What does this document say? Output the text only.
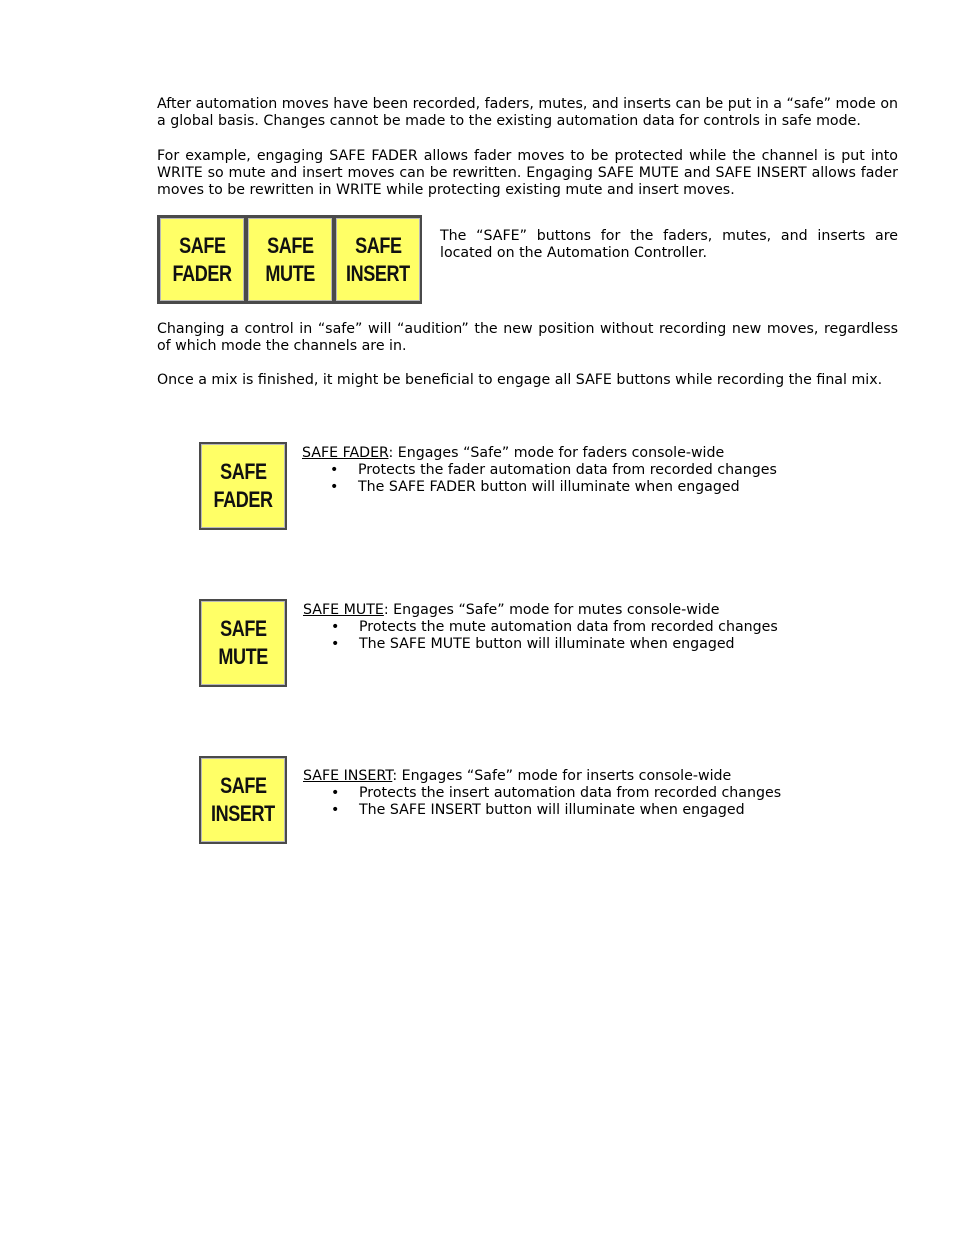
After automation moves have been recorded, faders, mutes, and inserts can be put in a “safe” mode on a global basis. Changes cannot be made to the existing automation data for controls in safe mode.

For example, engaging SAFE FADER allows fader moves to be protected while the channel is put into WRITE so mute and insert moves can be rewritten. Engaging SAFE MUTE and SAFE INSERT allows fader moves to be rewritten in WRITE while protecting existing mute and insert moves.

SAFE
FADER
SAFE
MUTE
SAFE
INSERT

The “SAFE” buttons for the faders, mutes, and inserts are located on the Automation Controller.

Changing a control in “safe” will “audition” the new position without recording new moves, regardless of which mode the channels are in.

Once a mix is finished, it might be beneficial to engage all SAFE buttons while recording the final mix.

SAFE
FADER

SAFE FADER: Engages “Safe” mode for faders console-wide

• Protects the fader automation data from recorded changes
• The SAFE FADER button will illuminate when engaged
SAFE
MUTE

SAFE MUTE: Engages “Safe” mode for mutes console-wide

• Protects the mute automation data from recorded changes
• The SAFE MUTE button will illuminate when engaged
SAFE
INSERT

SAFE INSERT: Engages “Safe” mode for inserts console-wide

• Protects the insert automation data from recorded changes
• The SAFE INSERT button will illuminate when engaged
